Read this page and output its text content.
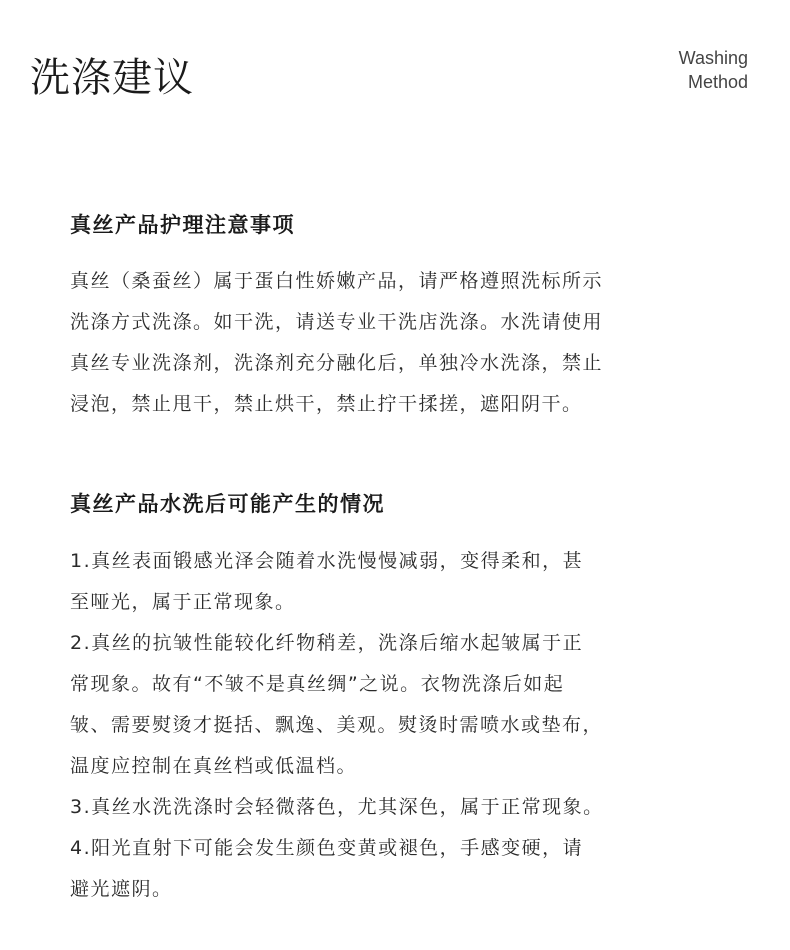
洗涤建议	Washing
Method
真丝产品护理注意事项

真丝（桑蚕丝）属于蛋白性娇嫩产品，请严格遵照洗标所示
洗涤方式洗涤。如干洗，请送专业干洗店洗涤。水洗请使用
真丝专业洗涤剂，洗涤剂充分融化后，单独冷水洗涤，禁止
浸泡，禁止甩干，禁止烘干，禁止拧干揉搓，遮阳阴干。

真丝产品水洗后可能产生的情况

1.真丝表面锻感光泽会随着水洗慢慢减弱，变得柔和，甚
至哑光，属于正常现象。
2.真丝的抗皱性能较化纤物稍差，洗涤后缩水起皱属于正
常现象。故有“不皱不是真丝绸”之说。衣物洗涤后如起
皱、需要熨烫才挺括、飘逸、美观。熨烫时需喷水或垫布，
温度应控制在真丝档或低温档。
3.真丝水洗洗涤时会轻微落色，尤其深色，属于正常现象。
4.阳光直射下可能会发生颜色变黄或褪色，手感变硬，请
避光遮阴。
